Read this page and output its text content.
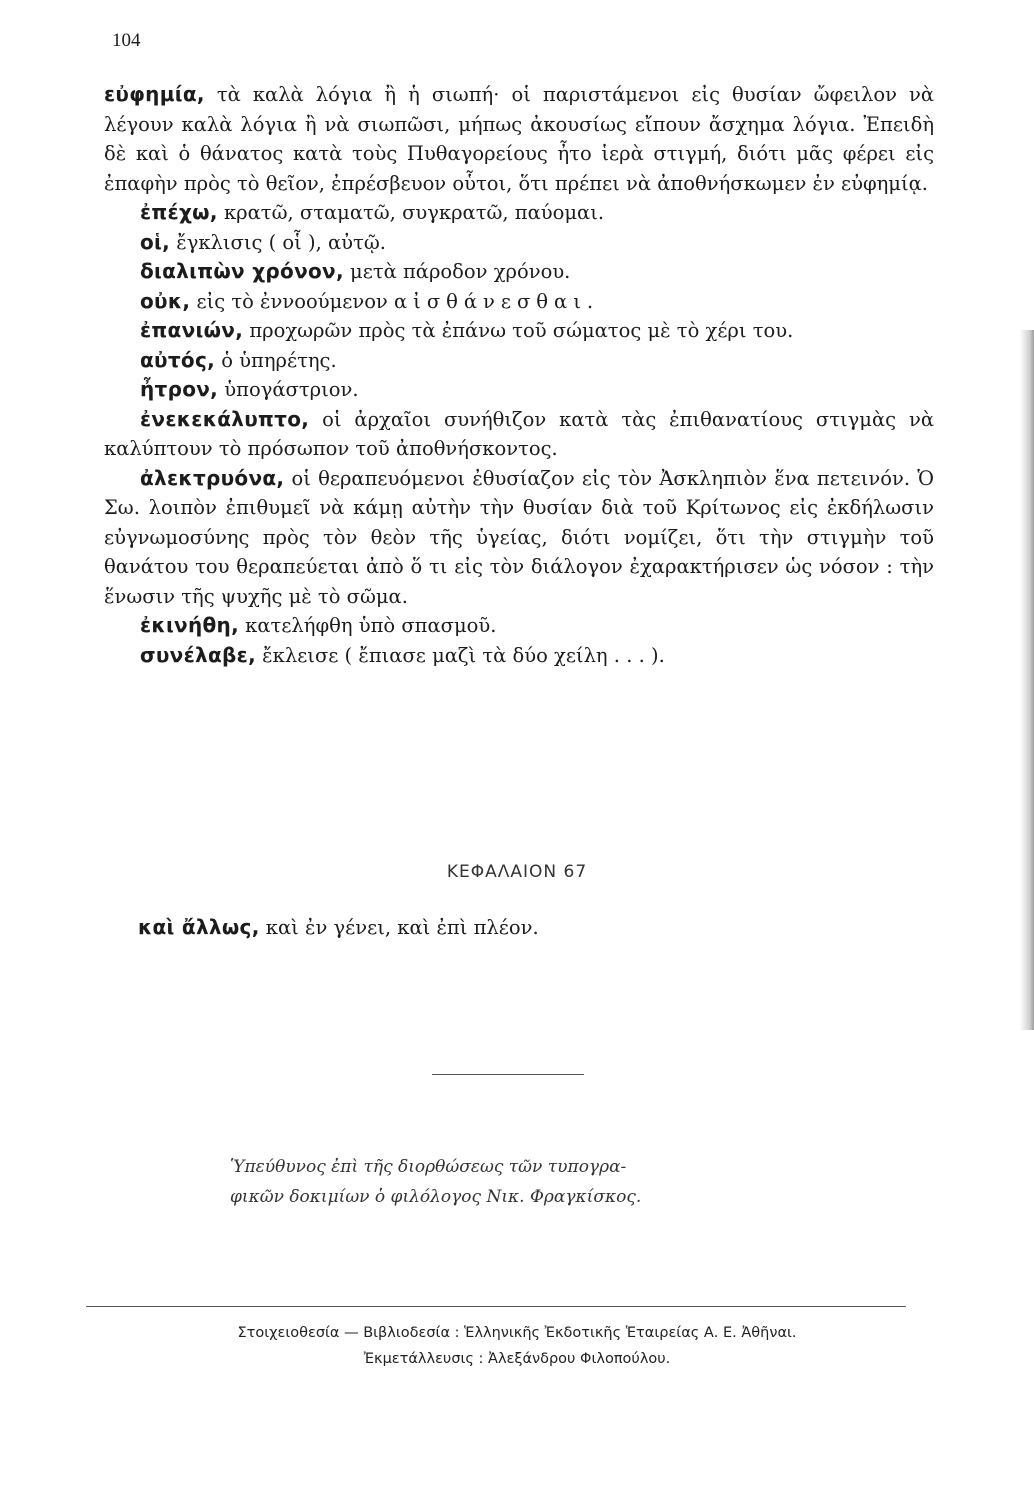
104

εὐφημία, τὰ καλὰ λόγια ἢ ἡ σιωπή· οἱ παριστάμενοι εἰς θυσίαν ὤφειλον νὰ λέγουν καλὰ λόγια ἢ νὰ σιωπῶσι, μήπως ἀκουσίως εἴπουν ἄσχημα λόγια. Ἐπειδὴ δὲ καὶ ὁ θάνατος κατὰ τοὺς Πυθαγορείους ἦτο ἱερὰ στιγμή, διότι μᾶς φέρει εἰς ἐπαφὴν πρὸς τὸ θεῖον, ἐπρέσβευον οὗτοι, ὅτι πρέπει νὰ ἀποθνήσκωμεν ἐν εὐφημίᾳ.

ἐπέχω, κρατῶ, σταματῶ, συγκρατῶ, παύομαι.

οἱ, ἔγκλισις ( οἷ ), αὐτῷ.

διαλιπὼν χρόνον, μετὰ πάροδον χρόνου.

οὐκ, εἰς τὸ ἐννοούμενον αἰσθάνεσθαι.

ἐπανιών, προχωρῶν πρὸς τὰ ἐπάνω τοῦ σώματος μὲ τὸ χέρι του.

αὐτός, ὁ ὑπηρέτης.

ἦτρον, ὑπογάστριον.

ἐνεκεκάλυπτο, οἱ ἀρχαῖοι συνήθιζον κατὰ τὰς ἐπιθανατίους στιγμὰς νὰ καλύπτουν τὸ πρόσωπον τοῦ ἀποθνήσκοντος.

ἀλεκτρυόνα, οἱ θεραπευόμενοι ἐθυσίαζον εἰς τὸν Ἀσκληπιὸν ἕνα πετεινόν. Ὁ Σω. λοιπὸν ἐπιθυμεῖ νὰ κάμῃ αὐτὴν τὴν θυσίαν διὰ τοῦ Κρίτωνος εἰς ἐκδήλωσιν εὐγνωμοσύνης πρὸς τὸν θεὸν τῆς ὑγείας, διότι νομίζει, ὅτι τὴν στιγμὴν τοῦ θανάτου του θεραπεύεται ἀπὸ ὅ τι εἰς τὸν διάλογον ἐχαρακτήρισεν ὡς νόσον : τὴν ἕνωσιν τῆς ψυχῆς μὲ τὸ σῶμα.

ἐκινήθη, κατελήφθη ὑπὸ σπασμοῦ.

συνέλαβε, ἔκλεισε ( ἔπιασε μαζὶ τὰ δύο χείλη . . . ).

ΚΕΦΑΛΑΙΟΝ 67

καὶ ἄλλως, καὶ ἐν γένει, καὶ ἐπὶ πλέον.

Ὑπεύθυνος ἐπὶ τῆς διορθώσεως τῶν τυπογρα-
φικῶν δοκιμίων ὁ φιλόλογος Νικ. Φραγκίσκος.
Στοιχειοθεσία — Βιβλιοδεσία : Ἑλληνικῆς Ἐκδοτικῆς Ἑταιρείας Α. Ε. Ἀθῆναι.
Ἐκμετάλλευσις : Ἀλεξάνδρου Φιλοπούλου.
